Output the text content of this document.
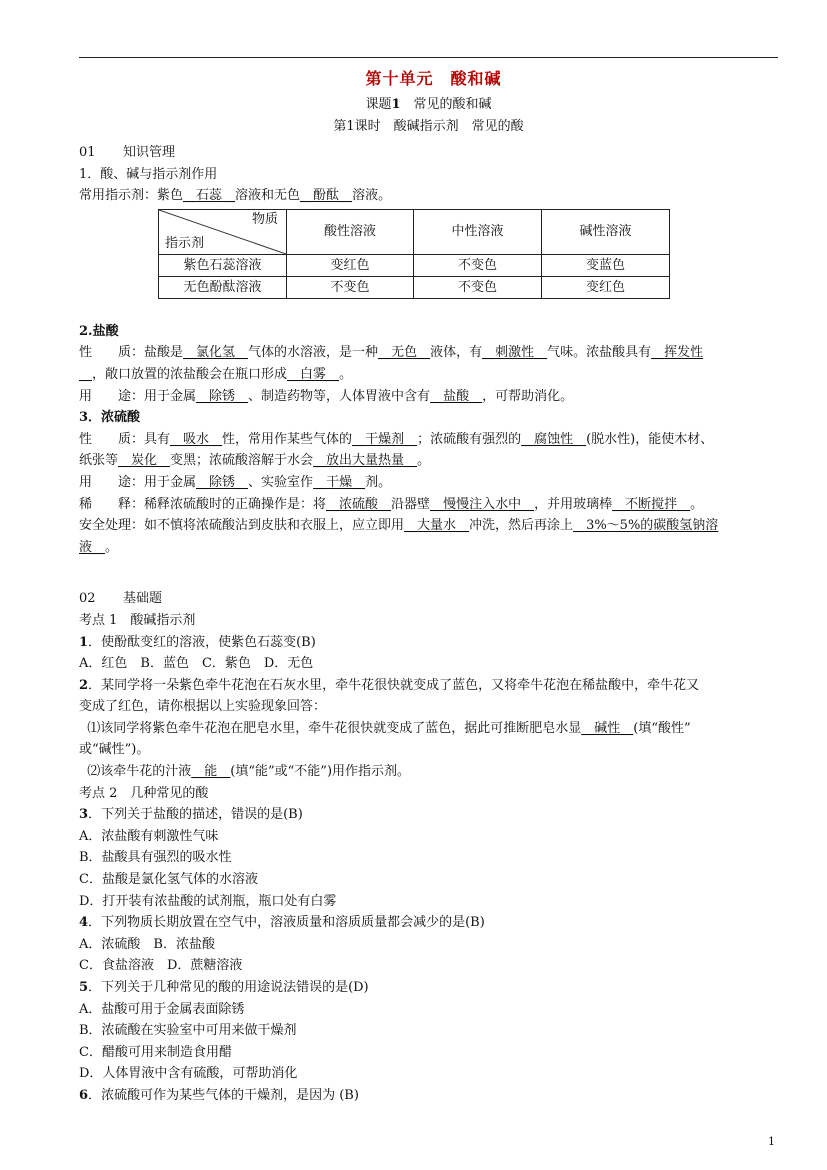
第十单元　酸和碱
课题1　 常见的酸和碱
第1课时　酸碱指示剂　常见的酸

01 知识管理

1．酸、碱与指示剂作用

常用指示剂：紫色__石蕊__溶液和无色__酚酞__溶液。

物质
指示剂	酸性溶液	中性溶液	碱性溶液
紫色石蕊溶液	变红色	不变色	变蓝色
无色酚酞溶液	不变色	不变色	变红色

2.盐酸

性　　质：盐酸是__氯化氢__气体的水溶液，是一种__无色__液体，有__刺激性__气味。浓盐酸具有__挥发性

__，敞口放置的浓盐酸会在瓶口形成__白雾__。

用　　途：用于金属__除锈__、制造药物等，人体胃液中含有__盐酸__，可帮助消化。

3．浓硫酸

性　　质：具有__吸水__性，常用作某些气体的__干燥剂__；浓硫酸有强烈的__腐蚀性__(脱水性)，能使木材、

纸张等__炭化__变黑；浓硫酸溶解于水会__放出大量热量__。

用　　途：用于金属__除锈__、实验室作__干燥__剂。

稀　　释：稀释浓硫酸时的正确操作是：将__浓硫酸__沿器壁__慢慢注入水中__，并用玻璃棒__不断搅拌__。

安全处理：如不慎将浓硫酸沾到皮肤和衣服上，应立即用__大量水__冲洗，然后再涂上__3%～5%的碳酸氢钠溶

液__。

02 基础题

考点 1　酸碱指示剂

1．使酚酞变红的溶液，使紫色石蕊变(B)

A．红色　B．蓝色　C．紫色　D．无色

2．某同学将一朵紫色牵牛花泡在石灰水里，牵牛花很快就变成了蓝色，又将牵牛花泡在稀盐酸中，牵牛花又

变成了红色，请你根据以上实验现象回答：

⑴该同学将紫色牵牛花泡在肥皂水里，牵牛花很快就变成了蓝色，据此可推断肥皂水显__碱性__(填“酸性”

或“碱性”)。

⑵该牵牛花的汁液__能__(填“能”或“不能”)用作指示剂。

考点 2　几种常见的酸

3．下列关于盐酸的描述，错误的是(B)

A．浓盐酸有刺激性气味

B．盐酸具有强烈的吸水性

C．盐酸是氯化氢气体的水溶液

D．打开装有浓盐酸的试剂瓶，瓶口处有白雾

4．下列物质长期放置在空气中，溶液质量和溶质质量都会减少的是(B)

A．浓硫酸　B．浓盐酸

C．食盐溶液　D．蔗糖溶液

5．下列关于几种常见的酸的用途说法错误的是(D)

A．盐酸可用于金属表面除锈

B．浓硫酸在实验室中可用来做干燥剂

C．醋酸可用来制造食用醋

D．人体胃液中含有硫酸，可帮助消化

6．浓硫酸可作为某些气体的干燥剂，是因为 (B)

1
